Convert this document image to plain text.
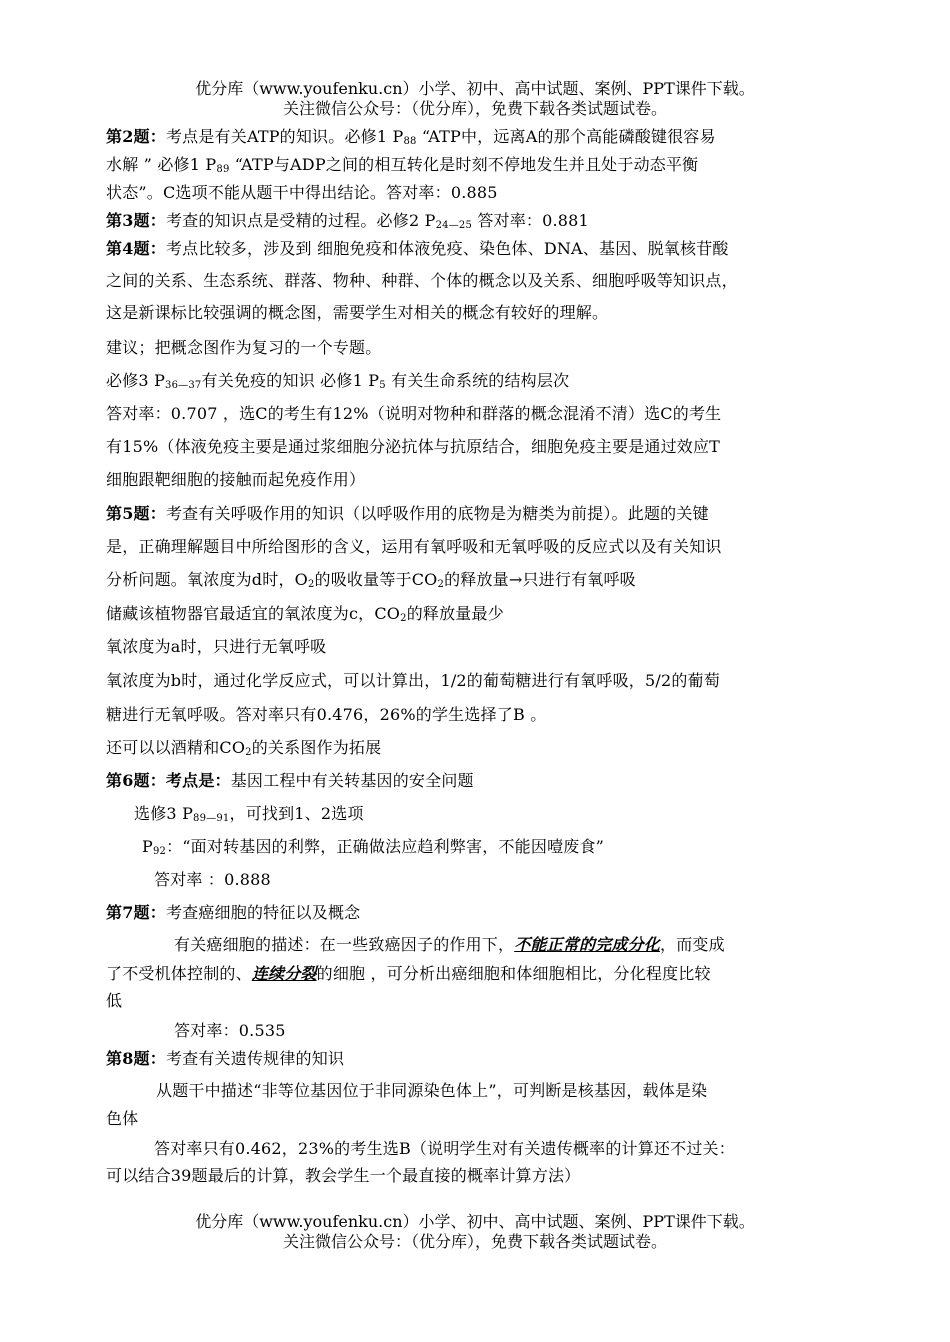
优分库（www.youfenku.cn）小学、初中、高中试题、案例、PPT课件下载。
关注微信公众号：（优分库），免费下载各类试题试卷。
第2题：考点是有关ATP的知识。必修1 $P_{88}$ “ATP中，远离A的那个高能磷酸键很容易
水解 ” 必修1 $P_{89}$ “ATP与ADP之间的相互转化是时刻不停地发生并且处于动态平衡
状态”。C选项不能从题干中得出结论。答对率：0.885
第3题：考查的知识点是受精的过程。必修2 $P_{24—25}$ 答对率：0.881
第4题：考点比较多，涉及到 细胞免疫和体液免疫、染色体、DNA、基因、脱氧核苷酸
之间的关系、生态系统、群落、物种、种群、个体的概念以及关系、细胞呼吸等知识点，
这是新课标比较强调的概念图，需要学生对相关的概念有较好的理解。
建议；把概念图作为复习的一个专题。
必修3 $P_{36—37}$有关免疫的知识 必修1 $P_5$ 有关生命系统的结构层次
答对率：0.707 ，选C的考生有12%（说明对物种和群落的概念混淆不清）选C的考生
有15%（体液免疫主要是通过浆细胞分泌抗体与抗原结合，细胞免疫主要是通过效应T
细胞跟靶细胞的接触而起免疫作用）
第5题：考查有关呼吸作用的知识（以呼吸作用的底物是为糖类为前提）。此题的关键
是，正确理解题目中所给图形的含义，运用有氧呼吸和无氧呼吸的反应式以及有关知识
分析问题。氧浓度为d时，$O_2$的吸收量等于$CO_2$的释放量→只进行有氧呼吸
储藏该植物器官最适宜的氧浓度为c，$CO_2$的释放量最少
氧浓度为a时，只进行无氧呼吸
氧浓度为b时，通过化学反应式，可以计算出，1/2的葡萄糖进行有氧呼吸，5/2的葡萄
糖进行无氧呼吸。答对率只有0.476，26%的学生选择了B 。
还可以以酒精和$CO_2$的关系图作为拓展
第6题：考点是：基因工程中有关转基因的安全问题
选修3 $P_{89—91}$，可找到1、2选项
$P_{92}$：“面对转基因的利弊，正确做法应趋利弊害，不能因噎废食”
答对率 ：0.888
第7题：考查癌细胞的特征以及概念
有关癌细胞的描述：在一些致癌因子的作用下，不能正常的完成分化，而变成
了不受机体控制的、连续分裂的细胞 ，可分析出癌细胞和体细胞相比，分化程度比较
低
答对率：0.535
第8题：考查有关遗传规律的知识
从题干中描述“非等位基因位于非同源染色体上”，可判断是核基因，载体是染
色体
答对率只有0.462，23%的考生选B（说明学生对有关遗传概率的计算还不过关：
可以结合39题最后的计算，教会学生一个最直接的概率计算方法）
优分库（www.youfenku.cn）小学、初中、高中试题、案例、PPT课件下载。
关注微信公众号：（优分库），免费下载各类试题试卷。
